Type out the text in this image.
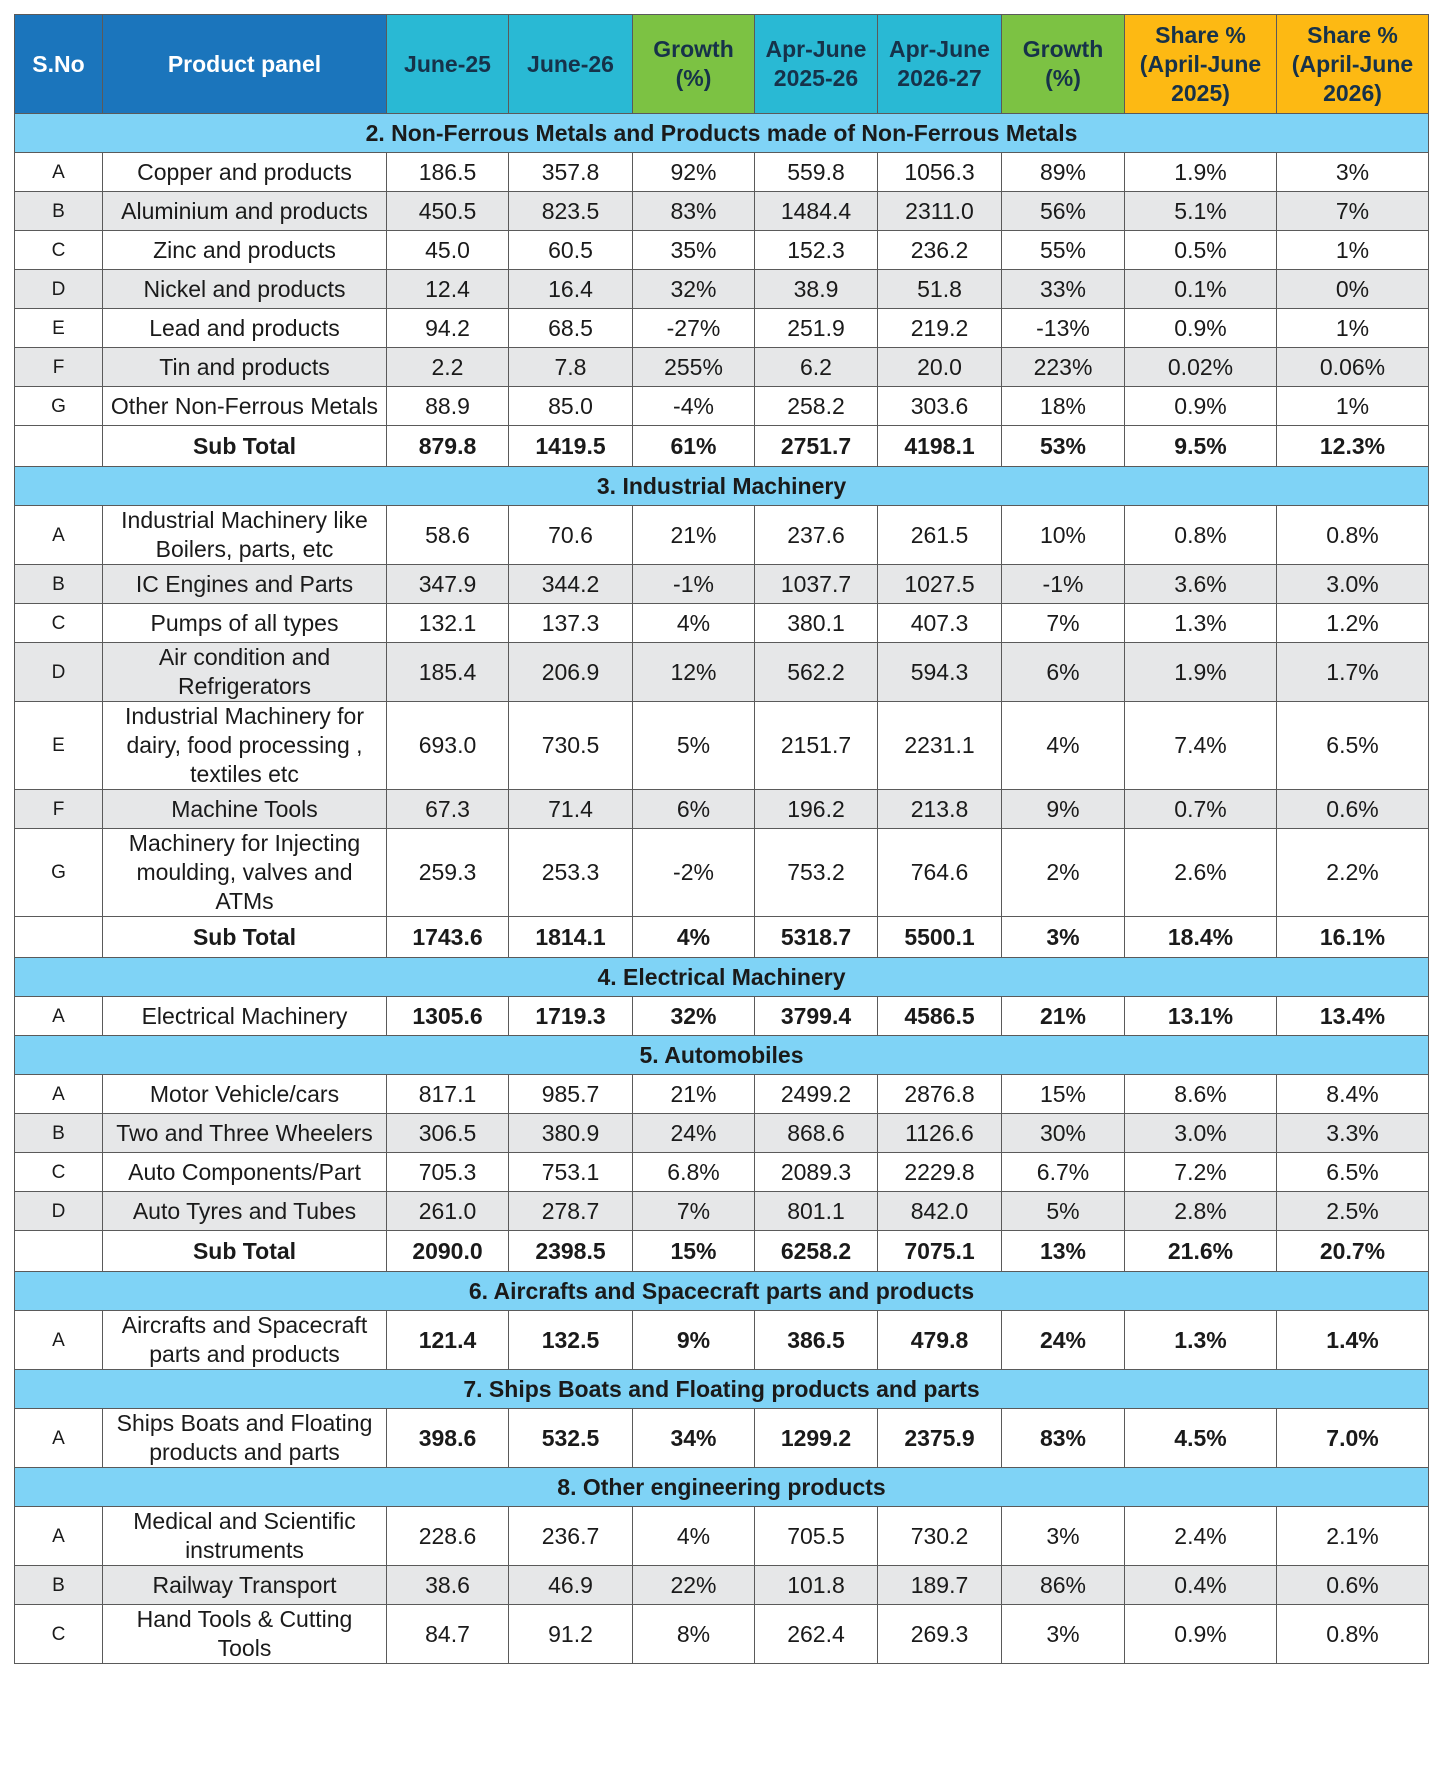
S.No	Product panel	June-25	June-26	Growth (%)	Apr-June 2025-26	Apr-June 2026-27	Growth (%)	Share % (April-June 2025)	Share % (April-June 2026)
2. Non-Ferrous Metals and Products made of Non-Ferrous Metals									
A	Copper and products	186.5	357.8	92%	559.8	1056.3	89%	1.9%	3%
B	Aluminium and products	450.5	823.5	83%	1484.4	2311.0	56%	5.1%	7%
C	Zinc and products	45.0	60.5	35%	152.3	236.2	55%	0.5%	1%
D	Nickel and products	12.4	16.4	32%	38.9	51.8	33%	0.1%	0%
E	Lead and products	94.2	68.5	-27%	251.9	219.2	-13%	0.9%	1%
F	Tin and products	2.2	7.8	255%	6.2	20.0	223%	0.02%	0.06%
G	Other Non-Ferrous Metals	88.9	85.0	-4%	258.2	303.6	18%	0.9%	1%
	Sub Total	879.8	1419.5	61%	2751.7	4198.1	53%	9.5%	12.3%
3. Industrial Machinery									
A	Industrial Machinery like Boilers, parts, etc	58.6	70.6	21%	237.6	261.5	10%	0.8%	0.8%
B	IC Engines and Parts	347.9	344.2	-1%	1037.7	1027.5	-1%	3.6%	3.0%
C	Pumps of all types	132.1	137.3	4%	380.1	407.3	7%	1.3%	1.2%
D	Air condition and Refrigerators	185.4	206.9	12%	562.2	594.3	6%	1.9%	1.7%
E	Industrial Machinery for dairy, food processing , textiles etc	693.0	730.5	5%	2151.7	2231.1	4%	7.4%	6.5%
F	Machine Tools	67.3	71.4	6%	196.2	213.8	9%	0.7%	0.6%
G	Machinery for Injecting moulding, valves and ATMs	259.3	253.3	-2%	753.2	764.6	2%	2.6%	2.2%
	Sub Total	1743.6	1814.1	4%	5318.7	5500.1	3%	18.4%	16.1%
4. Electrical Machinery									
A	Electrical Machinery	1305.6	1719.3	32%	3799.4	4586.5	21%	13.1%	13.4%
5. Automobiles									
A	Motor Vehicle/cars	817.1	985.7	21%	2499.2	2876.8	15%	8.6%	8.4%
B	Two and Three Wheelers	306.5	380.9	24%	868.6	1126.6	30%	3.0%	3.3%
C	Auto Components/Part	705.3	753.1	6.8%	2089.3	2229.8	6.7%	7.2%	6.5%
D	Auto Tyres and Tubes	261.0	278.7	7%	801.1	842.0	5%	2.8%	2.5%
	Sub Total	2090.0	2398.5	15%	6258.2	7075.1	13%	21.6%	20.7%
6. Aircrafts and Spacecraft parts and products									
A	Aircrafts and Spacecraft parts and products	121.4	132.5	9%	386.5	479.8	24%	1.3%	1.4%
7. Ships Boats and Floating products and parts									
A	Ships Boats and Floating products and parts	398.6	532.5	34%	1299.2	2375.9	83%	4.5%	7.0%
8. Other engineering products									
A	Medical and Scientific instruments	228.6	236.7	4%	705.5	730.2	3%	2.4%	2.1%
B	Railway Transport	38.6	46.9	22%	101.8	189.7	86%	0.4%	0.6%
C	Hand Tools & Cutting Tools	84.7	91.2	8%	262.4	269.3	3%	0.9%	0.8%
